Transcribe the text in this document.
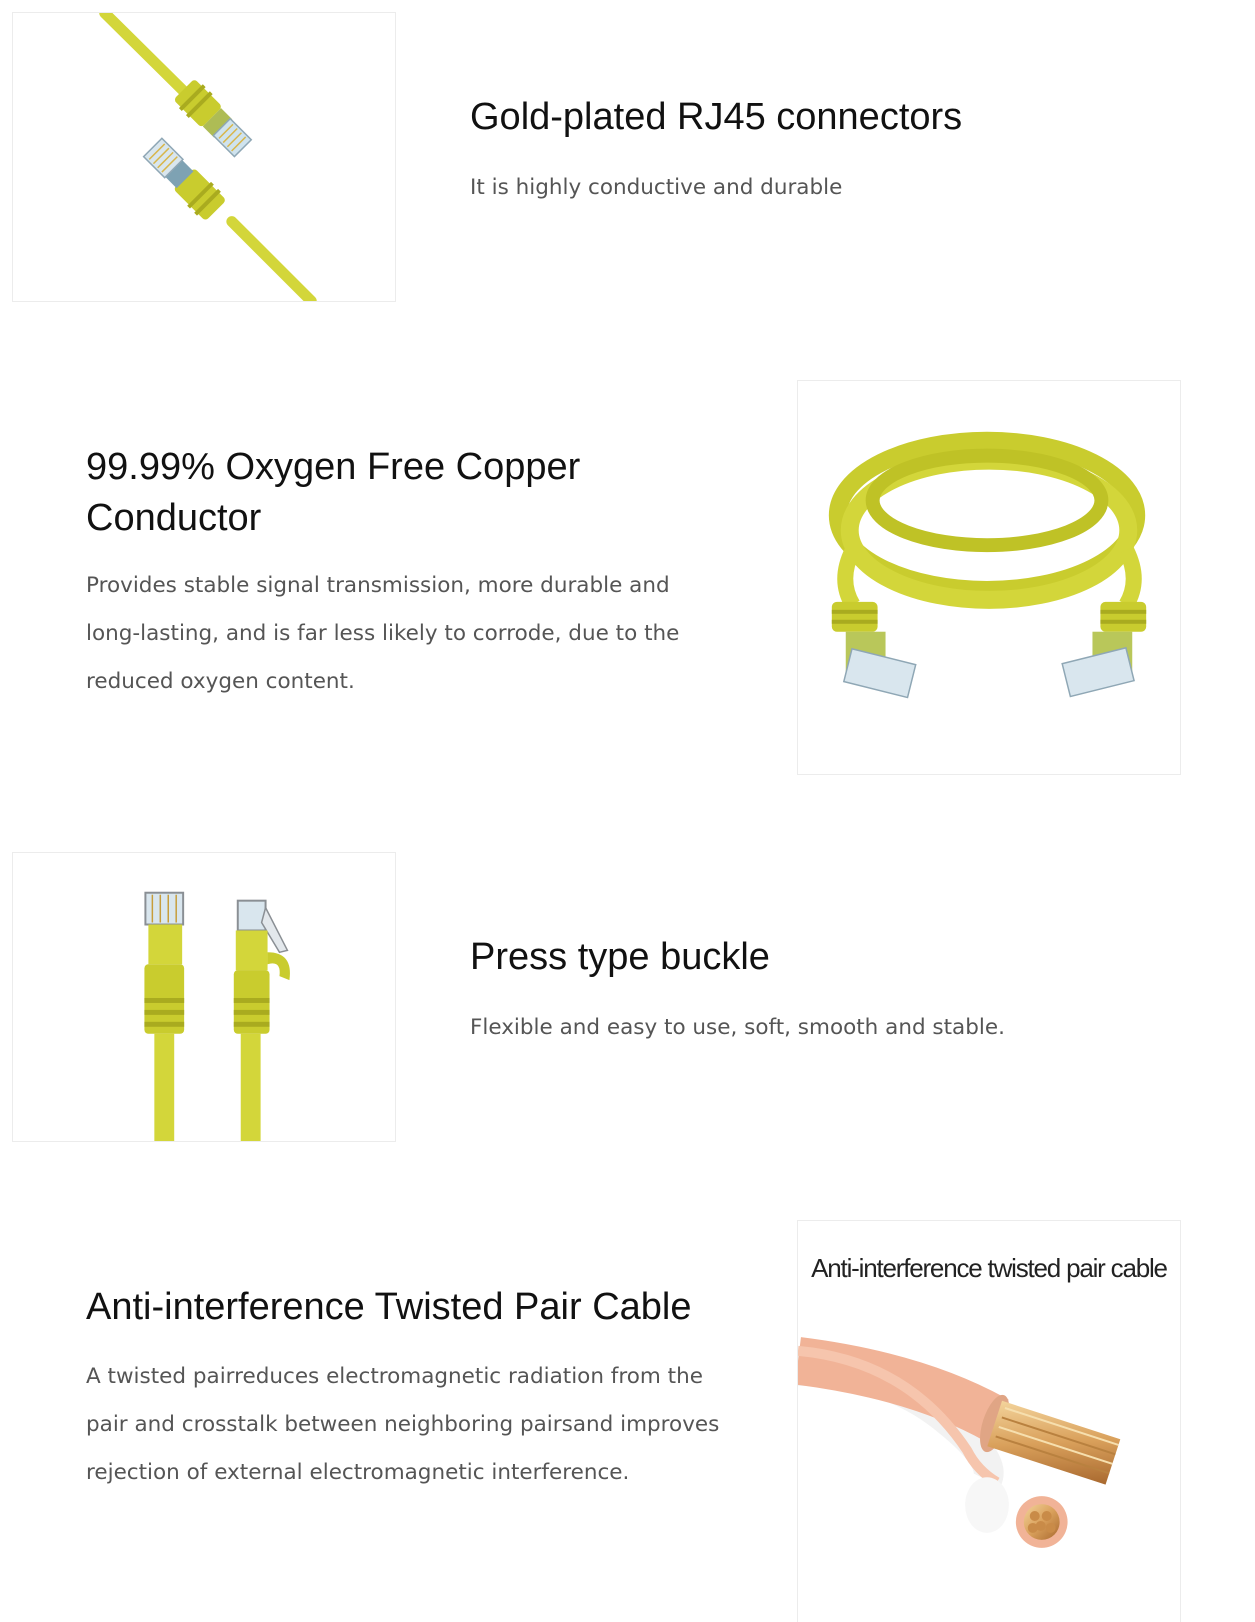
Gold-plated RJ45 connectors

It is highly conductive and durable

99.99% Oxygen Free Copper Conductor

Provides stable signal transmission, more durable and long-lasting, and is far less likely to corrode, due to the reduced oxygen content.

Press type buckle

Flexible and easy to use, soft, smooth and stable.

Anti-interference Twisted Pair Cable

A twisted pairreduces electromagnetic radiation from the pair and crosstalk between neighboring pairsand improves rejection of external electromagnetic interference.

Anti-interference twisted pair cable
